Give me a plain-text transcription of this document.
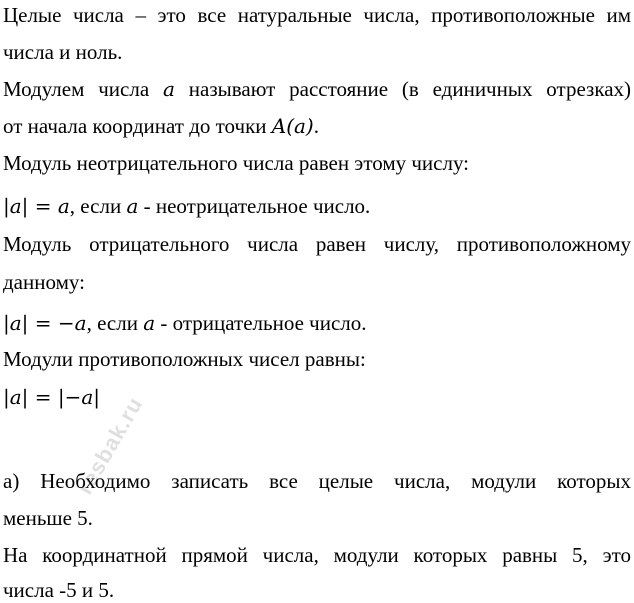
Целые числа – это все натуральные числа, противоположные им
числа и ноль.
Модулем числа a называют расстояние (в единичных отрезках)
от начала координат до точки A(a).
Модуль неотрицательного числа равен этому числу:
|a| = a, если a - неотрицательное число.
Модуль отрицательного числа равен числу, противоположному
данному:
|a| = −a, если a - отрицательное число.
Модули противоположных чисел равны:
|a| = |−a|
а) Необходимо записать все целые числа, модули которых
меньше 5.
На координатной прямой числа, модули которых равны 5, это
числа -5 и 5.
resbak.ru
